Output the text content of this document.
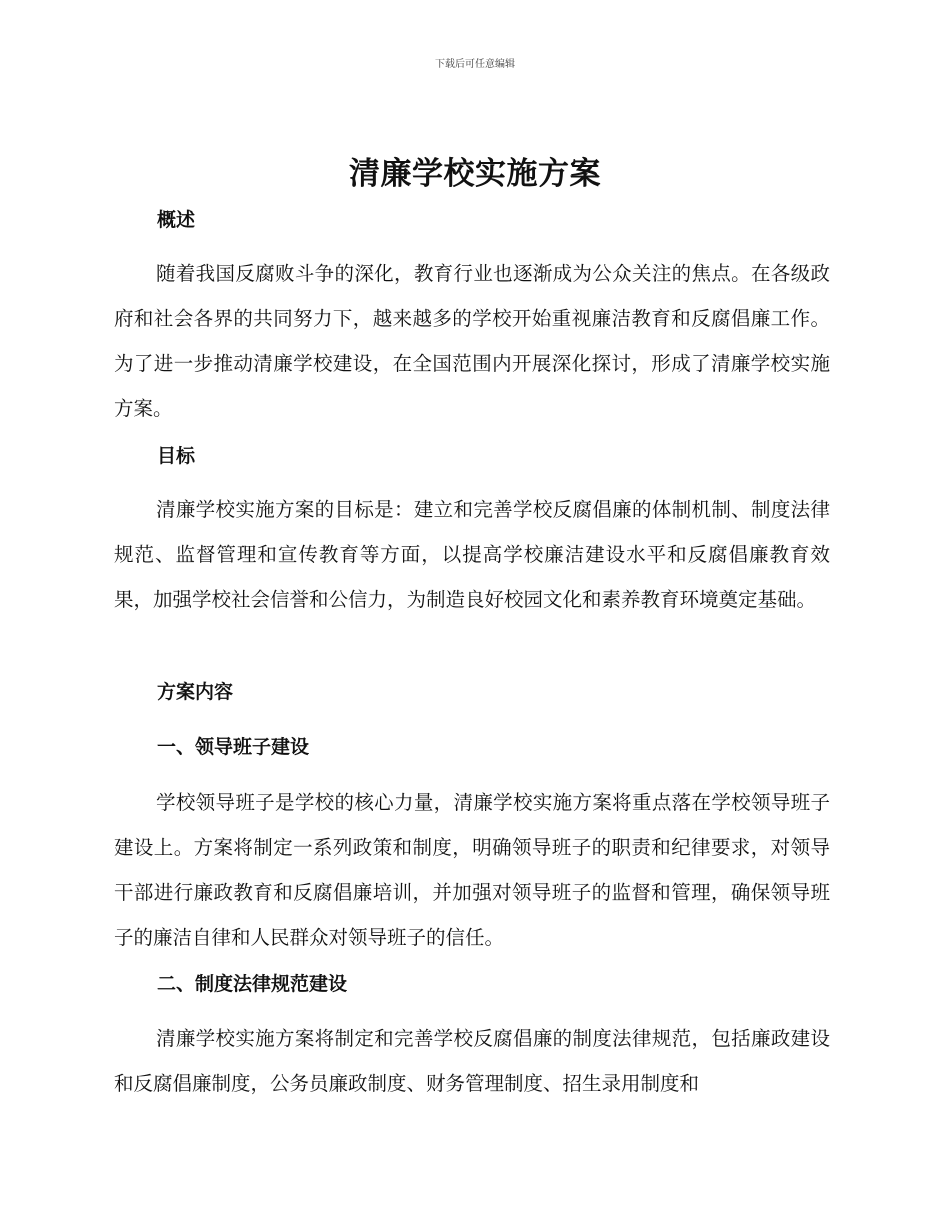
下载后可任意编辑
清廉学校实施方案
概述
随着我国反腐败斗争的深化，教育行业也逐渐成为公众关注的焦点。在各级政府和社会各界的共同努力下，越来越多的学校开始重视廉洁教育和反腐倡廉工作。为了进一步推动清廉学校建设，在全国范围内开展深化探讨，形成了清廉学校实施方案。
目标
清廉学校实施方案的目标是：建立和完善学校反腐倡廉的体制机制、制度法律规范、监督管理和宣传教育等方面，以提高学校廉洁建设水平和反腐倡廉教育效果，加强学校社会信誉和公信力，为制造良好校园文化和素养教育环境奠定基础。
方案内容
一、领导班子建设
学校领导班子是学校的核心力量，清廉学校实施方案将重点落在学校领导班子建设上。方案将制定一系列政策和制度，明确领导班子的职责和纪律要求，对领导干部进行廉政教育和反腐倡廉培训，并加强对领导班子的监督和管理，确保领导班子的廉洁自律和人民群众对领导班子的信任。
二、制度法律规范建设
清廉学校实施方案将制定和完善学校反腐倡廉的制度法律规范，包括廉政建设和反腐倡廉制度，公务员廉政制度、财务管理制度、招生录用制度和
